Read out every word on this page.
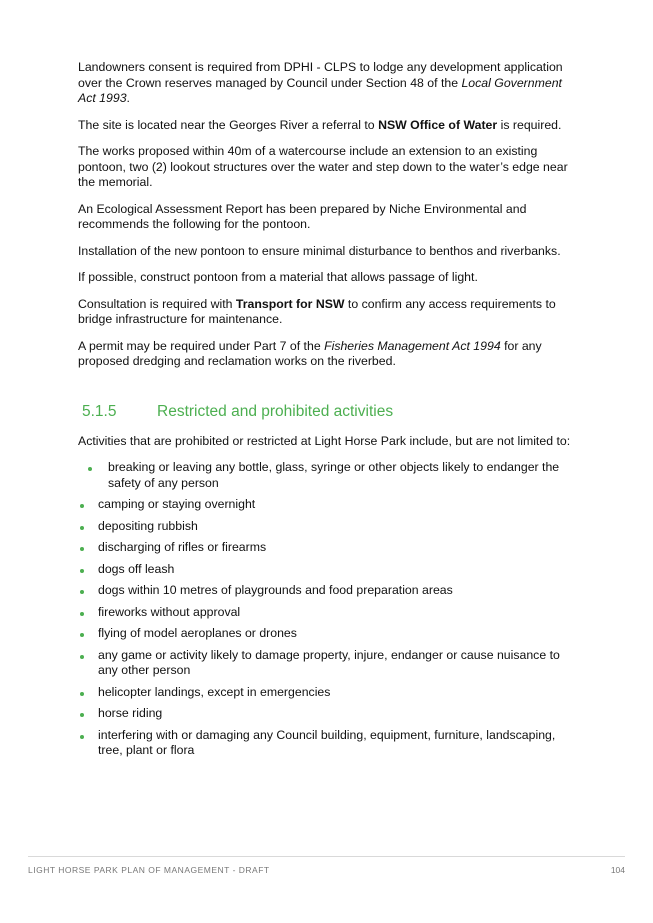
Landowners consent is required from DPHI - CLPS to lodge any development application over the Crown reserves managed by Council under Section 48 of the Local Government Act 1993.

The site is located near the Georges River a referral to NSW Office of Water is required.

The works proposed within 40m of a watercourse include an extension to an existing pontoon, two (2) lookout structures over the water and step down to the water’s edge near the memorial.

An Ecological Assessment Report has been prepared by Niche Environmental and recommends the following for the pontoon.

Installation of the new pontoon to ensure minimal disturbance to benthos and riverbanks.

If possible, construct pontoon from a material that allows passage of light.

Consultation is required with Transport for NSW to confirm any access requirements to bridge infrastructure for maintenance.

A permit may be required under Part 7 of the Fisheries Management Act 1994 for any proposed dredging and reclamation works on the riverbed.

5.1.5	Restricted and prohibited activities

Activities that are prohibited or restricted at Light Horse Park include, but are not limited to:

breaking or leaving any bottle, glass, syringe or other objects likely to endanger the safety of any person
camping or staying overnight
depositing rubbish
discharging of rifles or firearms
dogs off leash
dogs within 10 metres of playgrounds and food preparation areas
fireworks without approval
flying of model aeroplanes or drones
any game or activity likely to damage property, injure, endanger or cause nuisance to any other person
helicopter landings, except in emergencies
horse riding
interfering with or damaging any Council building, equipment, furniture, landscaping, tree, plant or flora
LIGHT HORSE PARK PLAN OF MANAGEMENT - DRAFT	104
